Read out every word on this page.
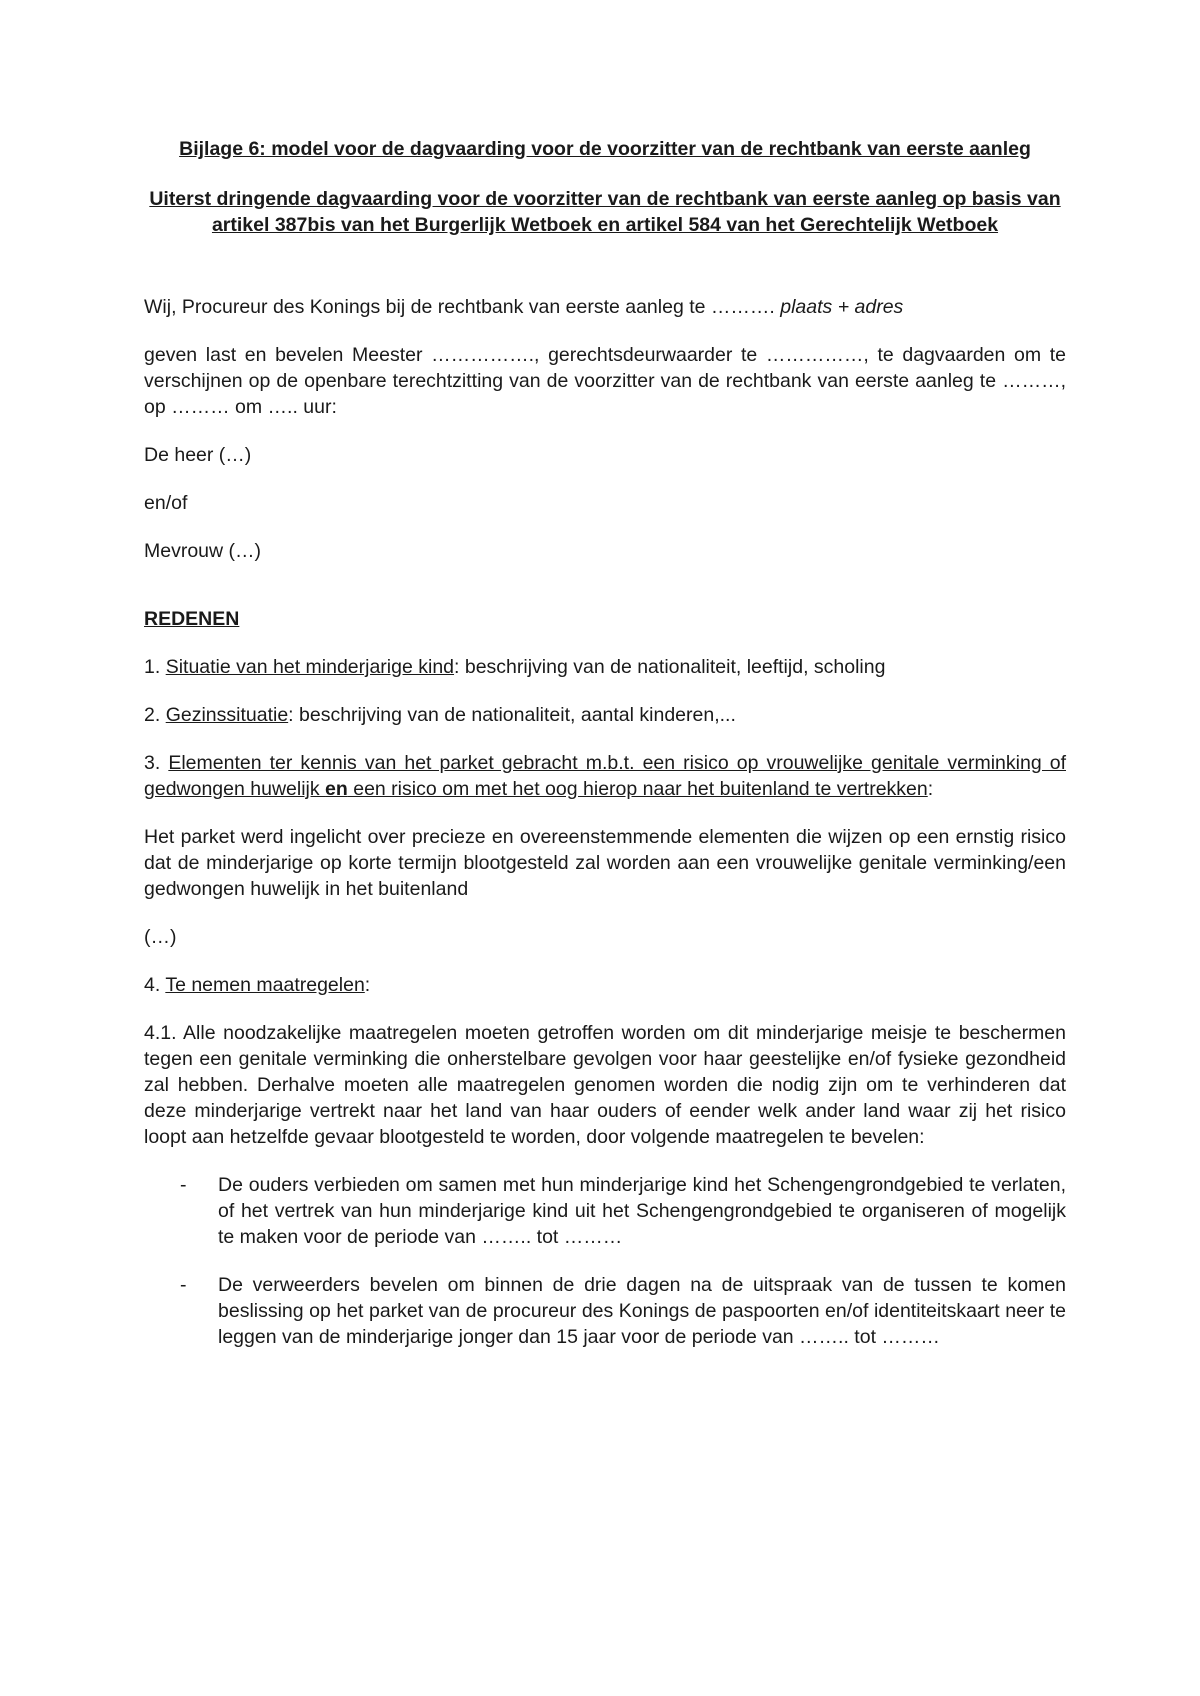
Bijlage 6: model voor de dagvaarding voor de voorzitter van de rechtbank van eerste aanleg

Uiterst dringende dagvaarding voor de voorzitter van de rechtbank van eerste aanleg op basis van artikel 387bis van het Burgerlijk Wetboek en artikel 584 van het Gerechtelijk Wetboek

Wij, Procureur des Konings bij de rechtbank van eerste aanleg te ………. plaats + adres

geven last en bevelen Meester ……………., gerechtsdeurwaarder te ……………, te dagvaarden om te verschijnen op de openbare terechtzitting van de voorzitter van de rechtbank van eerste aanleg te ………, op ……… om ….. uur:

De heer (…)

en/of

Mevrouw (…)

REDENEN

1. Situatie van het minderjarige kind: beschrijving van de nationaliteit, leeftijd, scholing

2. Gezinssituatie: beschrijving van de nationaliteit, aantal kinderen,...

3. Elementen ter kennis van het parket gebracht m.b.t. een risico op vrouwelijke genitale verminking of gedwongen huwelijk en een risico om met het oog hierop naar het buitenland te vertrekken:

Het parket werd ingelicht over precieze en overeenstemmende elementen die wijzen op een ernstig risico dat de minderjarige op korte termijn blootgesteld zal worden aan een vrouwelijke genitale verminking/een gedwongen huwelijk in het buitenland

(…)

4. Te nemen maatregelen:

4.1. Alle noodzakelijke maatregelen moeten getroffen worden om dit minderjarige meisje te beschermen tegen een genitale verminking die onherstelbare gevolgen voor haar geestelijke en/of fysieke gezondheid zal hebben. Derhalve moeten alle maatregelen genomen worden die nodig zijn om te verhinderen dat deze minderjarige vertrekt naar het land van haar ouders of eender welk ander land waar zij het risico loopt aan hetzelfde gevaar blootgesteld te worden, door volgende maatregelen te bevelen:

- De ouders verbieden om samen met hun minderjarige kind het Schengengrondgebied te verlaten, of het vertrek van hun minderjarige kind uit het Schengengrondgebied te organiseren of mogelijk te maken voor de periode van …….. tot ………

- De verweerders bevelen om binnen de drie dagen na de uitspraak van de tussen te komen beslissing op het parket van de procureur des Konings de paspoorten en/of identiteitskaart neer te leggen van de minderjarige jonger dan 15 jaar voor de periode van …….. tot ………
